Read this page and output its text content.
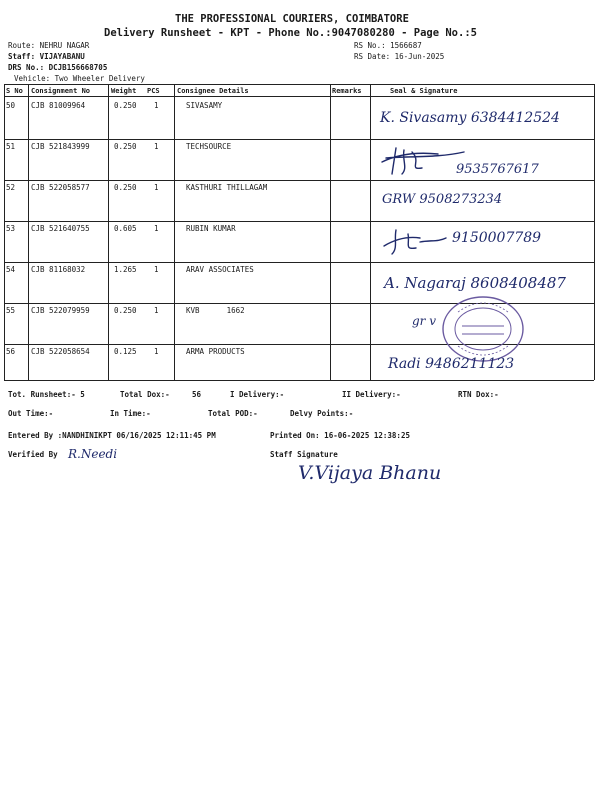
THE PROFESSIONAL COURIERS, COIMBATORE
Delivery Runsheet - KPT - Phone No.:9047080280 - Page No.:5
Route: NEHRU NAGAR
Staff: VIJAYABANU
DRS No.: DCJB156668705
Vehicle: Two Wheeler Delivery
RS No.: 1566687
RS Date: 16-Jun-2025
S No Consignment No	Weight PCS Consignee Details	Remarks	Seal & Signature
50 CJB 81009964	0.250 1	SIVASAMY
K. Sivasamy 6384412524
51 CJB 521843999	0.250 1	TECHSOURCE
9535767617
52 CJB 522058577	0.250 1	KASTHURI THILLAGAM
GRW 9508273234
53 CJB 521640755	0.605 1	RUBIN KUMAR
9150007789
54 CJB 81168032	1.265 1	ARAV ASSOCIATES
A. Nagaraj 8608408487
55 CJB 522079959	0.250 1	KVB      1662
gr v
56 CJB 522058654	0.125 1	ARMA PRODUCTS
Radi 9486211123
Tot. Runsheet:- 5	Total Dox:-	56	I Delivery:-	II Delivery:-	RTN Dox:-
Out Time:-	In Time:-	Total POD:-	Delvy Points:-
Entered By :NANDHINIKPT 06/16/2025 12:11:45 PM	Printed On: 16-06-2025 12:38:25
Verified By R.Needi	Staff Signature
V.Vijaya Bhanu
